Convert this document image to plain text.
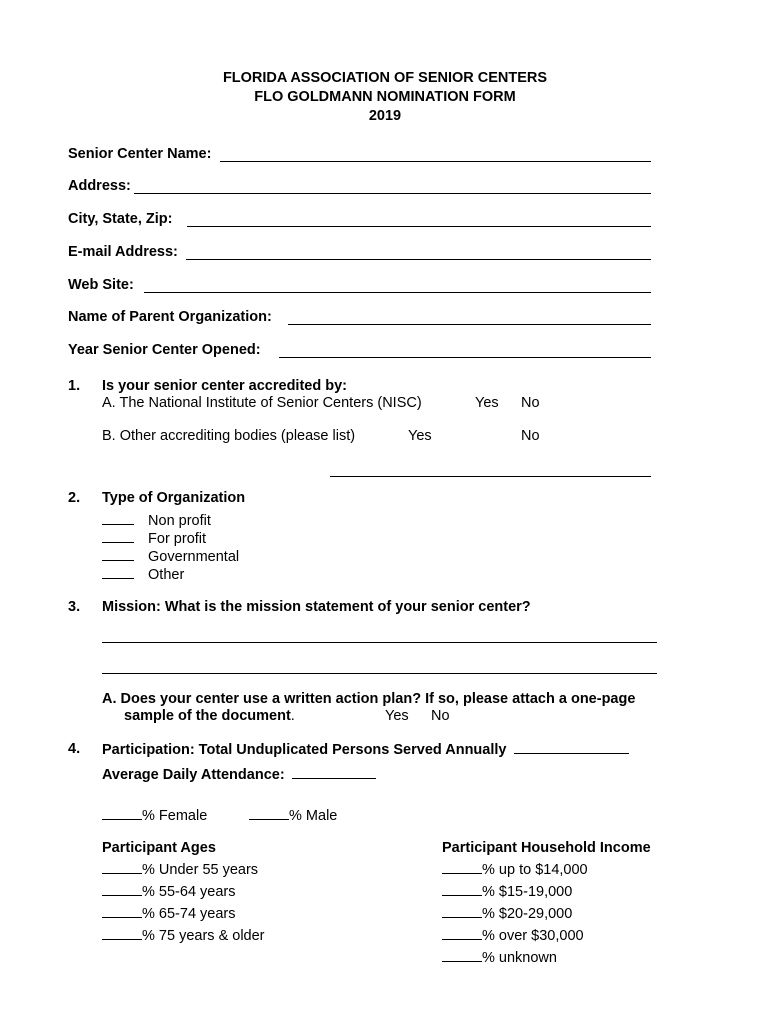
FLORIDA ASSOCIATION OF SENIOR CENTERS
FLO GOLDMANN NOMINATION FORM
2019
Senior Center Name:
Address:
City, State, Zip:
E-mail Address:
Web Site:
Name of Parent Organization:
Year Senior Center Opened:
1. Is your senior center accredited by:
A. The National Institute of Senior Centers (NISC)	Yes No
B. Other accrediting bodies (please list)	Yes	No
2. Type of Organization
Non profit
For profit
Governmental
Other
3. Mission: What is the mission statement of your senior center?
A. Does your center use a written action plan? If so, please attach a one-page
sample of the document.	Yes No
4. Participation: Total Unduplicated Persons Served Annually
Average Daily Attendance:
% Female	% Male
Participant Ages
% Under 55 years
% 55-64 years
% 65-74 years
% 75 years & older
Participant Household Income
% up to $14,000
% $15-19,000
% $20-29,000
% over $30,000
% unknown
